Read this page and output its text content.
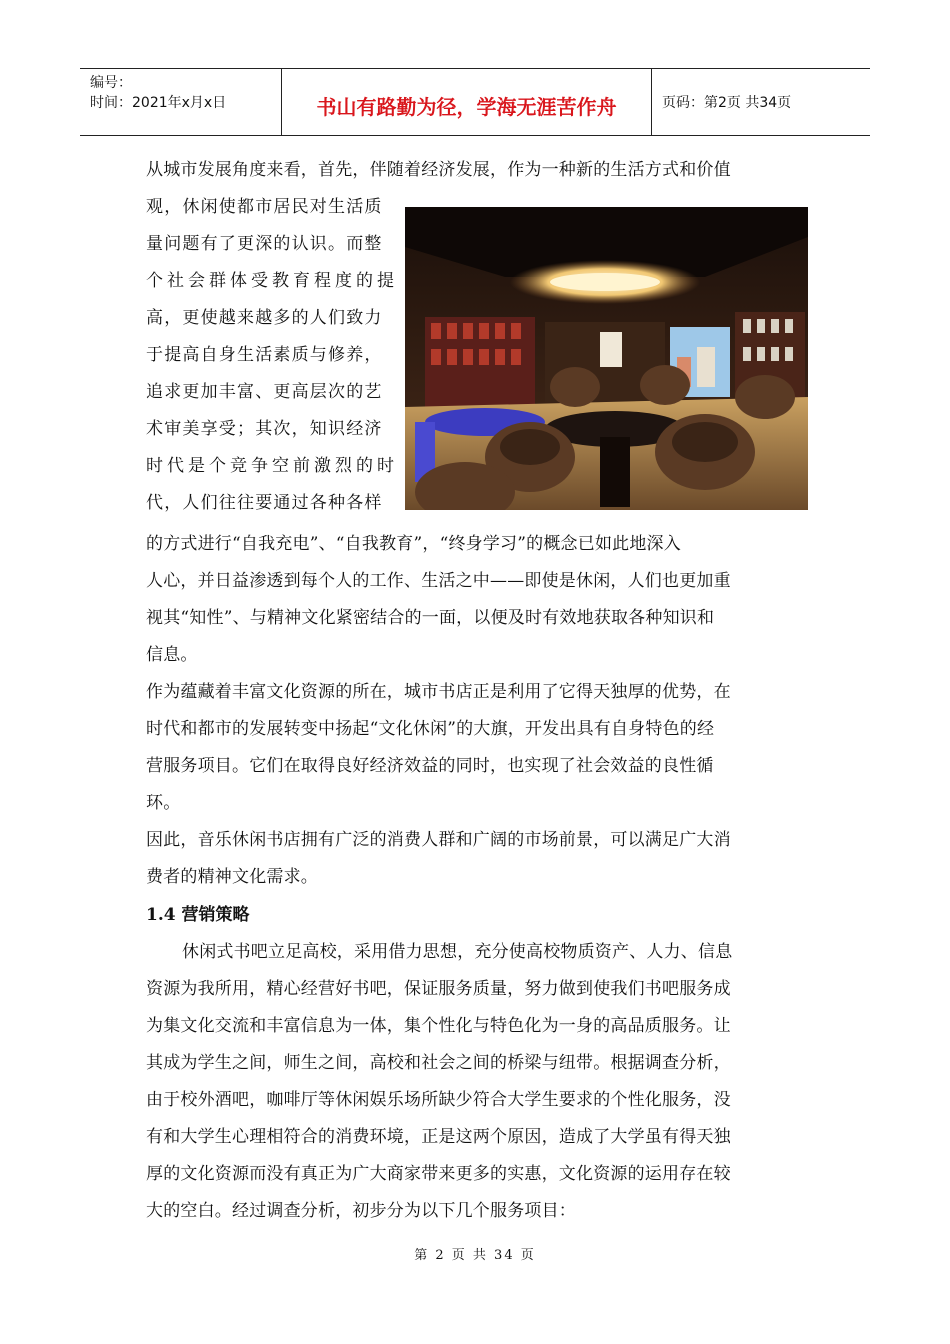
编号：
时间：2021年x月x日	书山有路勤为径，学海无涯苦作舟	页码：第2页 共34页
从城市发展角度来看，首先，伴随着经济发展，作为一种新的生活方式和价值
观，休闲使都市居民对生活质
量问题有了更深的认识。而整
个社会群体受教育程度的提
高，更使越来越多的人们致力
于提高自身生活素质与修养，
追求更加丰富、更高层次的艺
术审美享受；其次，知识经济
时代是个竞争空前激烈的时
代，人们往往要通过各种各样
的方式进行“自我充电”、“自我教育”，“终身学习”的概念已如此地深入
人心，并日益渗透到每个人的工作、生活之中——即使是休闲，人们也更加重
视其“知性”、与精神文化紧密结合的一面，以便及时有效地获取各种知识和
信息。
作为蕴藏着丰富文化资源的所在，城市书店正是利用了它得天独厚的优势，在
时代和都市的发展转变中扬起“文化休闲”的大旗，开发出具有自身特色的经
营服务项目。它们在取得良好经济效益的同时，也实现了社会效益的良性循
环。
因此，音乐休闲书店拥有广泛的消费人群和广阔的市场前景，可以满足广大消
费者的精神文化需求。
1.4 营销策略
休闲式书吧立足高校，采用借力思想，充分使高校物质资产、人力、信息
资源为我所用，精心经营好书吧，保证服务质量，努力做到使我们书吧服务成
为集文化交流和丰富信息为一体，集个性化与特色化为一身的高品质服务。让
其成为学生之间，师生之间，高校和社会之间的桥梁与纽带。根据调查分析，
由于校外酒吧，咖啡厅等休闲娱乐场所缺少符合大学生要求的个性化服务，没
有和大学生心理相符合的消费环境，正是这两个原因，造成了大学虽有得天独
厚的文化资源而没有真正为广大商家带来更多的实惠，文化资源的运用存在较
大的空白。经过调查分析，初步分为以下几个服务项目：
第 2 页 共 34 页
